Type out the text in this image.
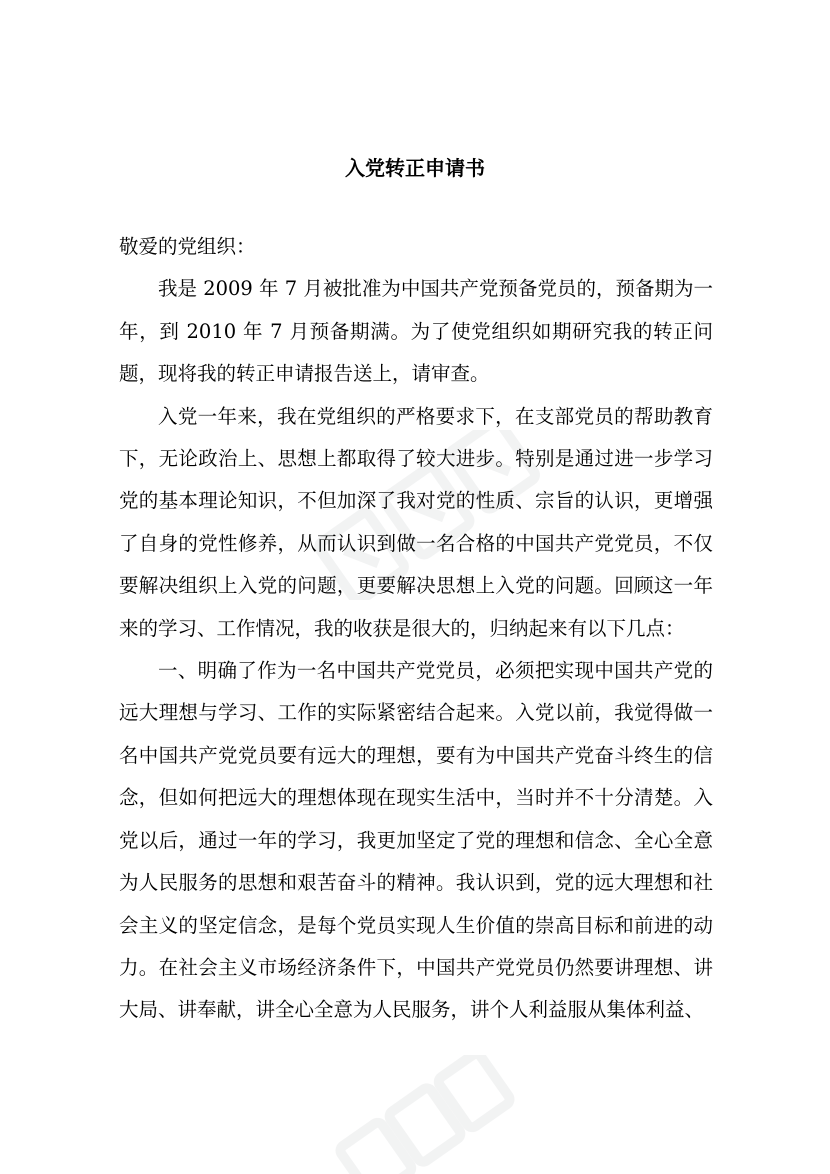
入党转正申请书

敬爱的党组织：

我是 2009 年 7 月被批准为中国共产党预备党员的，预备期为一年，到 2010 年 7 月预备期满。为了使党组织如期研究我的转正问题，现将我的转正申请报告送上，请审查。

入党一年来，我在党组织的严格要求下，在支部党员的帮助教育下，无论政治上、思想上都取得了较大进步。特别是通过进一步学习党的基本理论知识，不但加深了我对党的性质、宗旨的认识，更增强了自身的党性修养，从而认识到做一名合格的中国共产党党员，不仅要解决组织上入党的问题，更要解决思想上入党的问题。回顾这一年来的学习、工作情况，我的收获是很大的，归纳起来有以下几点：

一、明确了作为一名中国共产党党员，必须把实现中国共产党的远大理想与学习、工作的实际紧密结合起来。入党以前，我觉得做一名中国共产党党员要有远大的理想，要有为中国共产党奋斗终生的信念，但如何把远大的理想体现在现实生活中，当时并不十分清楚。入党以后，通过一年的学习，我更加坚定了党的理想和信念、全心全意为人民服务的思想和艰苦奋斗的精神。我认识到，党的远大理想和社会主义的坚定信念，是每个党员实现人生价值的崇高目标和前进的动力。在社会主义市场经济条件下，中国共产党党员仍然要讲理想、讲大局、讲奉献，讲全心全意为人民服务，讲个人利益服从集体利益、
